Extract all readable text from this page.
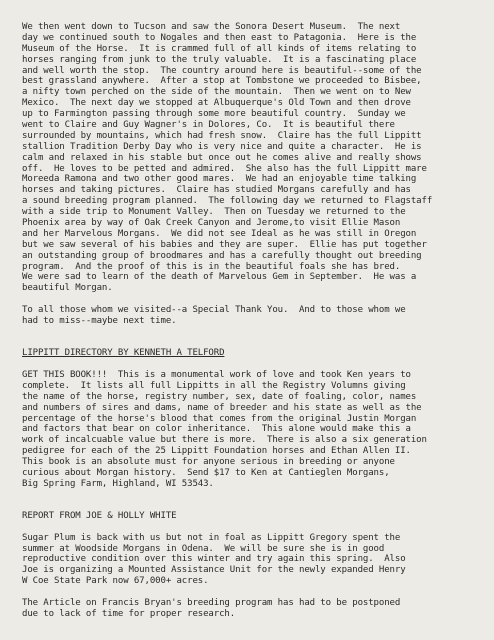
We then went down to Tucson and saw the Sonora Desert Museum.  The next
day we continued south to Nogales and then east to Patagonia.  Here is the
Museum of the Horse.  It is crammed full of all kinds of items relating to
horses ranging from junk to the truly valuable.  It is a fascinating place
and well worth the stop.  The country around here is beautiful--some of the
best grassland anywhere.  After a stop at Tombstone we proceeded to Bisbee,
a nifty town perched on the side of the mountain.  Then we went on to New
Mexico.  The next day we stopped at Albuquerque's Old Town and then drove
up to Farmington passing through some more beautiful country.  Sunday we
went to Claire and Guy Wagner's in Dolores, Co.  It is beautiful there
surrounded by mountains, which had fresh snow.  Claire has the full Lippitt
stallion Tradition Derby Day who is very nice and quite a character.  He is
calm and relaxed in his stable but once out he comes alive and really shows
off.  He loves to be petted and admired.  She also has the full Lippitt mare
Moreeda Ramona and two other good mares.  We had an enjoyable time talking
horses and taking pictures.  Claire has studied Morgans carefully and has
a sound breeding program planned.  The following day we returned to Flagstaff
with a side trip to Monument Valley.  Then on Tuesday we returned to the
Phoenix area by way of Oak Creek Canyon and Jerome,to visit Ellie Mason
and her Marvelous Morgans.  We did not see Ideal as he was still in Oregon
but we saw several of his babies and they are super.  Ellie has put together
an outstanding group of broodmares and has a carefully thought out breeding
program.  And the proof of this is in the beautiful foals she has bred.
We were sad to learn of the death of Marvelous Gem in September.  He was a
beautiful Morgan.
To all those whom we visited--a Special Thank You.  And to those whom we
had to miss--maybe next time.
LIPPITT DIRECTORY BY KENNETH A TELFORD
GET THIS BOOK!!!  This is a monumental work of love and took Ken years to
complete.  It lists all full Lippitts in all the Registry Volumns giving
the name of the horse, registry number, sex, date of foaling, color, names
and numbers of sires and dams, name of breeder and his state as well as the
percentage of the horse's blood that comes from the original Justin Morgan
and factors that bear on color inheritance.  This alone would make this a
work of incalcuable value but there is more.  There is also a six generation
pedigree for each of the 25 Lippitt Foundation horses and Ethan Allen II.
This book is an absolute must for anyone serious in breeding or anyone
curious about Morgan history.  Send $17 to Ken at Cantieglen Morgans,
Big Spring Farm, Highland, WI 53543.
REPORT FROM JOE & HOLLY WHITE
Sugar Plum is back with us but not in foal as Lippitt Gregory spent the
summer at Woodside Morgans in Odena.  We will be sure she is in good
reproductive condition over this winter and try again this spring.  Also
Joe is organizing a Mounted Assistance Unit for the newly expanded Henry
W Coe State Park now 67,000+ acres.
The Article on Francis Bryan's breeding program has had to be postponed
due to lack of time for proper research.
